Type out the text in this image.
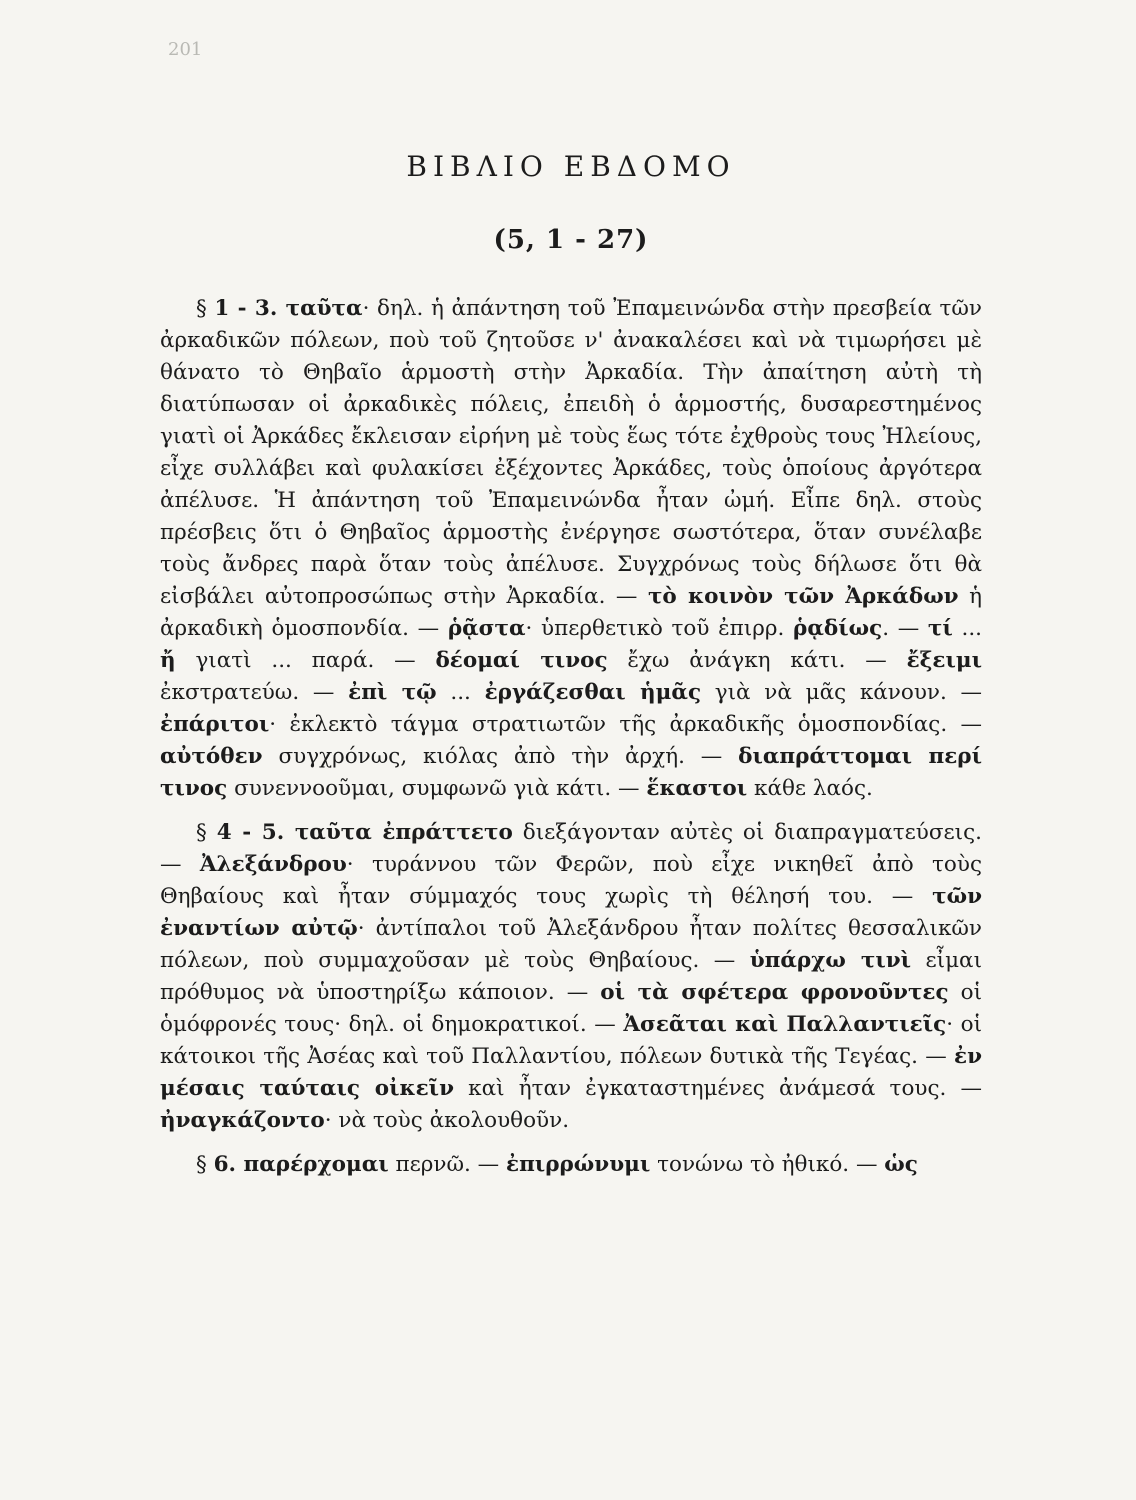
201
ΒΙΒΛΙΟ ΕΒΔΟΜΟ
(5, 1 - 27)

§ 1 - 3. ταῦτα· δηλ. ἡ ἀπάντηση τοῦ Ἐπαμεινώνδα στὴν πρεσβεία τῶν ἀρκαδικῶν πόλεων, ποὺ τοῦ ζητοῦσε ν' ἀνακαλέσει καὶ νὰ τιμωρήσει μὲ θάνατο τὸ Θηβαῖο ἁρμοστὴ στὴν Ἀρκαδία. Τὴν ἀπαίτηση αὐτὴ τὴ διατύπωσαν οἱ ἀρκαδικὲς πόλεις, ἐπειδὴ ὁ ἁρμοστής, δυσαρεστημένος γιατὶ οἱ Ἀρκάδες ἔκλεισαν εἰρήνη μὲ τοὺς ἕως τότε ἐχθροὺς τους Ἠλείους, εἶχε συλλάβει καὶ φυλακίσει ἐξέχοντες Ἀρκάδες, τοὺς ὁποίους ἀργότερα ἀπέλυσε. Ἡ ἀπάντηση τοῦ Ἐπαμεινώνδα ἦταν ὠμή. Εἶπε δηλ. στοὺς πρέσβεις ὅτι ὁ Θηβαῖος ἁρμοστὴς ἐνέργησε σωστότερα, ὅταν συνέλαβε τοὺς ἄνδρες παρὰ ὅταν τοὺς ἀπέλυσε. Συγχρόνως τοὺς δήλωσε ὅτι θὰ εἰσβάλει αὐτοπροσώπως στὴν Ἀρκαδία. — τὸ κοινὸν τῶν Ἀρκάδων ἡ ἀρκαδικὴ ὁμοσπονδία. — ῥᾷστα· ὑπερθετικὸ τοῦ ἐπιρρ. ῥᾳδίως. — τί ... ἤ γιατὶ ... παρά. — δέομαί τινος ἔχω ἀνάγκη κάτι. — ἔξειμι ἐκστρατεύω. — ἐπὶ τῷ ... ἐργάζεσθαι ἡμᾶς γιὰ νὰ μᾶς κάνουν. — ἐπάριτοι· ἐκλεκτὸ τάγμα στρατιωτῶν τῆς ἀρκαδικῆς ὁμοσπονδίας. — αὐτόθεν συγχρόνως, κιόλας ἀπὸ τὴν ἀρχή. — διαπράττομαι περί τινος συνεννοοῦμαι, συμφωνῶ γιὰ κάτι. — ἕκαστοι κάθε λαός.

§ 4 - 5. ταῦτα ἐπράττετο διεξάγονταν αὐτὲς οἱ διαπραγματεύσεις. — Ἀλεξάνδρου· τυράννου τῶν Φερῶν, ποὺ εἶχε νικηθεῖ ἀπὸ τοὺς Θηβαίους καὶ ἦταν σύμμαχός τους χωρὶς τὴ θέλησή του. — τῶν ἐναντίων αὐτῷ· ἀντίπαλοι τοῦ Ἀλεξάνδρου ἦταν πολίτες θεσσαλικῶν πόλεων, ποὺ συμμαχοῦσαν μὲ τοὺς Θηβαίους. — ὑπάρχω τινὶ εἶμαι πρόθυμος νὰ ὑποστηρίξω κάποιον. — οἱ τὰ σφέτερα φρονοῦντες οἱ ὁμόφρονές τους· δηλ. οἱ δημοκρατικοί. — Ἀσεᾶται καὶ Παλλαντιεῖς· οἱ κάτοικοι τῆς Ἀσέας καὶ τοῦ Παλλαντίου, πόλεων δυτικὰ τῆς Τεγέας. — ἐν μέσαις ταύταις οἰκεῖν καὶ ἦταν ἐγκαταστημένες ἀνάμεσά τους. — ἠναγκάζοντο· νὰ τοὺς ἀκολουθοῦν.

§ 6. παρέρχομαι περνῶ. — ἐπιρρώνυμι τονώνω τὸ ἠθικό. — ὡς
